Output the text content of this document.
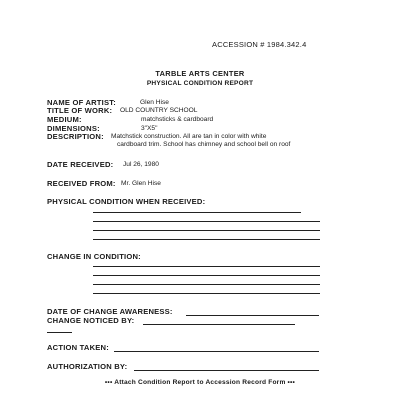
ACCESSION # 1984.342.4
TARBLE ARTS CENTER
PHYSICAL CONDITION REPORT
NAME OF ARTIST:	Glen Hise
TITLE OF WORK: OLD COUNTRY SCHOOL
MEDIUM:	matchsticks & cardboard
DIMENSIONS:	3"X5"
DESCRIPTION: Matchstick construction. All are tan in color with white
cardboard trim. School has chimney and school bell on roof
DATE RECEIVED: Jul 26, 1980
RECEIVED FROM: Mr. Glen Hise
PHYSICAL CONDITION WHEN RECEIVED:
CHANGE IN CONDITION:
DATE OF CHANGE AWARENESS:
CHANGE NOTICED BY:
ACTION TAKEN:
AUTHORIZATION BY:
••• Attach Condition Report to Accession Record Form •••
